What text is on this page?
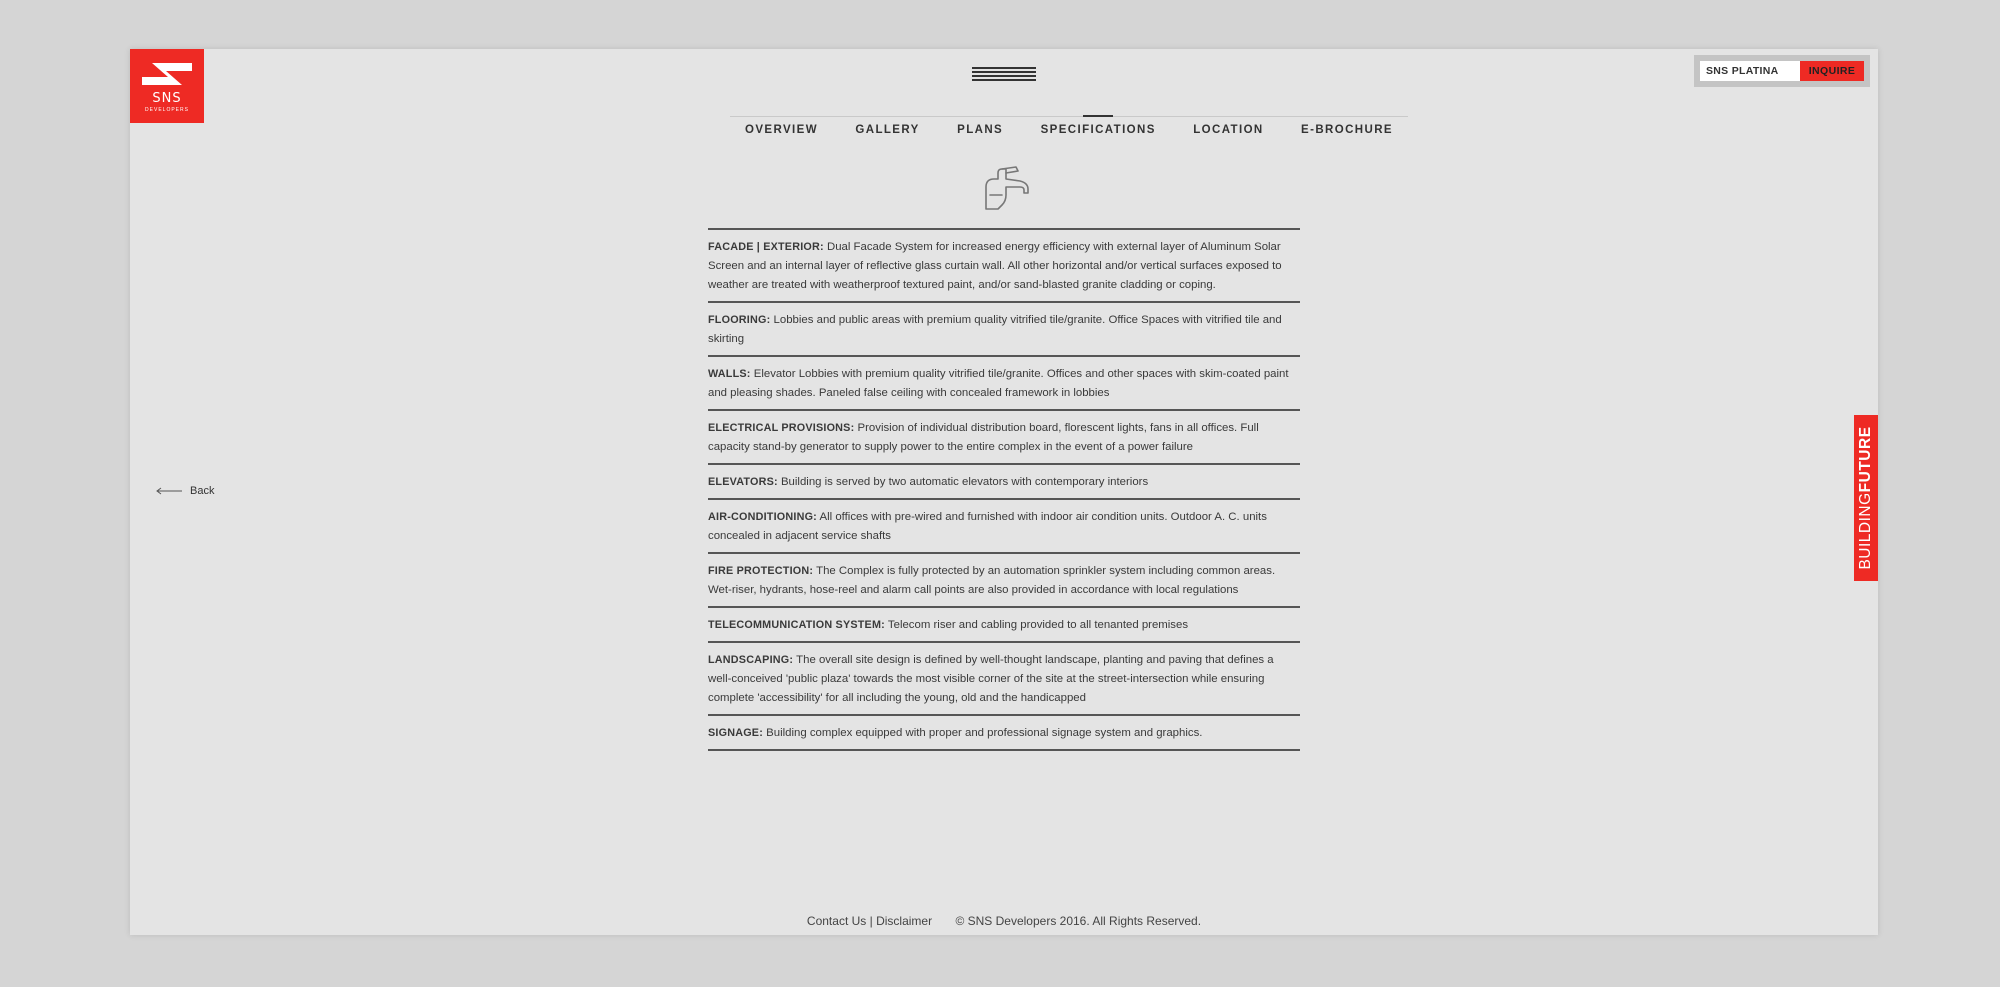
SNS
DEVELOPERS
OVERVIEW	GALLERY	PLANS	SPECIFICATIONS	LOCATION	E-BROCHURE
SNS PLATINA	INQUIRE
FACADE | EXTERIOR: Dual Facade System for increased energy efficiency with external layer of Aluminum Solar Screen and an internal layer of reflective glass curtain wall. All other horizontal and/or vertical surfaces exposed to weather are treated with weatherproof textured paint, and/or sand-blasted granite cladding or coping.
FLOORING: Lobbies and public areas with premium quality vitrified tile/granite. Office Spaces with vitrified tile and skirting
WALLS: Elevator Lobbies with premium quality vitrified tile/granite. Offices and other spaces with skim-coated paint and pleasing shades. Paneled false ceiling with concealed framework in lobbies
ELECTRICAL PROVISIONS: Provision of individual distribution board, florescent lights, fans in all offices. Full capacity stand-by generator to supply power to the entire complex in the event of a power failure
ELEVATORS: Building is served by two automatic elevators with contemporary interiors
AIR-CONDITIONING: All offices with pre-wired and furnished with indoor air condition units. Outdoor A. C. units concealed in adjacent service shafts
FIRE PROTECTION: The Complex is fully protected by an automation sprinkler system including common areas. Wet-riser, hydrants, hose-reel and alarm call points are also provided in accordance with local regulations
TELECOMMUNICATION SYSTEM: Telecom riser and cabling provided to all tenanted premises
LANDSCAPING: The overall site design is defined by well-thought landscape, planting and paving that defines a well-conceived 'public plaza' towards the most visible corner of the site at the street-intersection while ensuring complete 'accessibility' for all including the young, old and the handicapped
SIGNAGE: Building complex equipped with proper and professional signage system and graphics.
Back
BUILDINGFUTURE
Contact Us | Disclaimer © SNS Developers 2016. All Rights Reserved.
